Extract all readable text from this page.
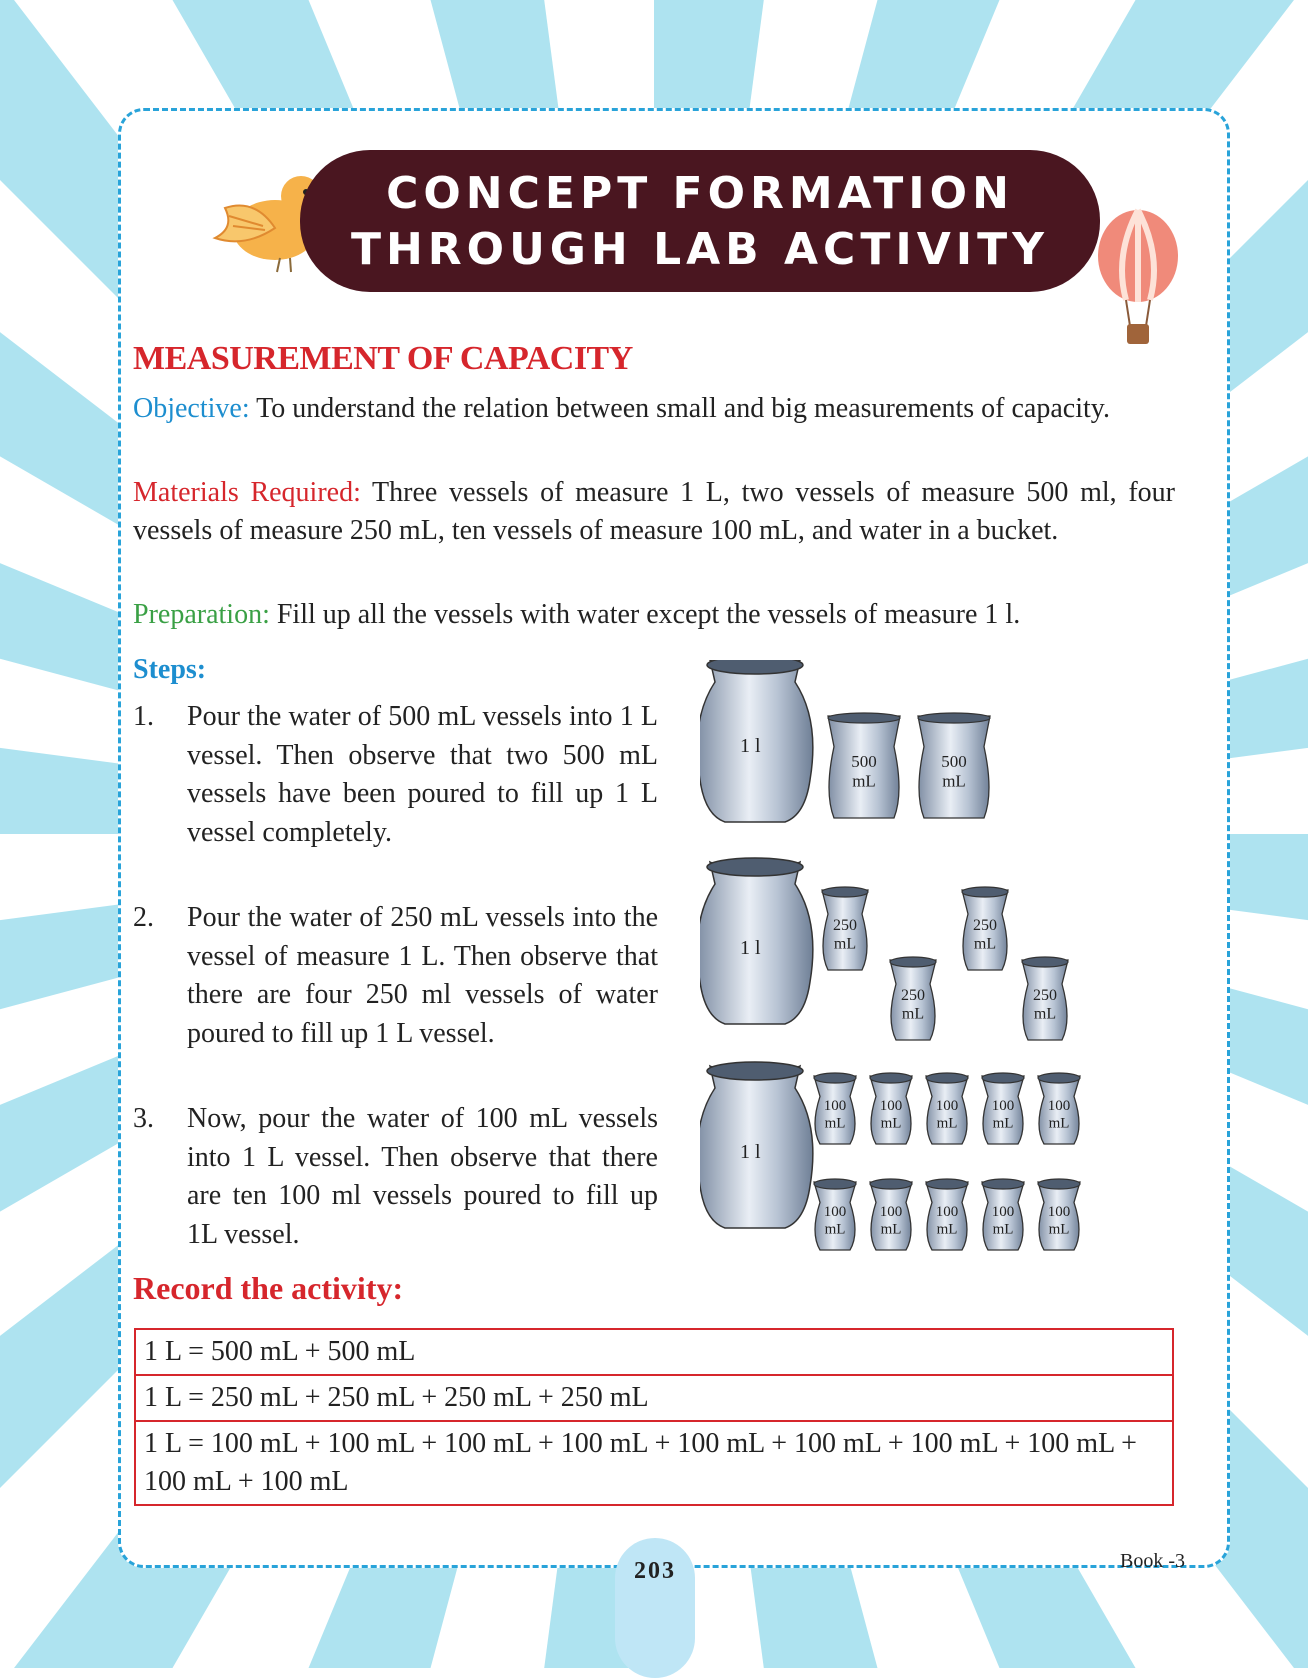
CONCEPT FORMATION
THROUGH LAB ACTIVITY
MEASUREMENT OF CAPACITY
Objective: To understand the relation between small and big measurements of capacity.
Materials Required: Three vessels of measure 1 L, two vessels of measure 500 ml, four vessels of measure 250 mL, ten vessels of measure 100 mL, and water in a bucket.
Preparation: Fill up all the vessels with water except the vessels of measure 1 l.
Steps:
1. Pour the water of 500 mL vessels into 1 L vessel. Then observe that two 500 mL vessels have been poured to fill up 1 L vessel completely.
2. Pour the water of 250 mL vessels into the vessel of measure 1 L. Then observe that there are four 250 ml vessels of water poured to fill up 1 L vessel.
3. Now, pour the water of 100 mL vessels into 1 L vessel. Then observe that there are ten 100 ml vessels poured to fill up 1L vessel.
1 l
500
mL
500
mL
1 l
250
mL
250
mL
250
mL
250
mL
1 l
100
mL
100
mL
100
mL
100
mL
100
mL
100
mL
100
mL
100
mL
100
mL
100
mL
Record the activity:
1 L = 500 mL + 500 mL
1 L = 250 mL + 250 mL + 250 mL + 250 mL
1 L = 100 mL + 100 mL + 100 mL + 100 mL + 100 mL + 100 mL + 100 mL + 100 mL + 100 mL + 100 mL
203	Book -3
